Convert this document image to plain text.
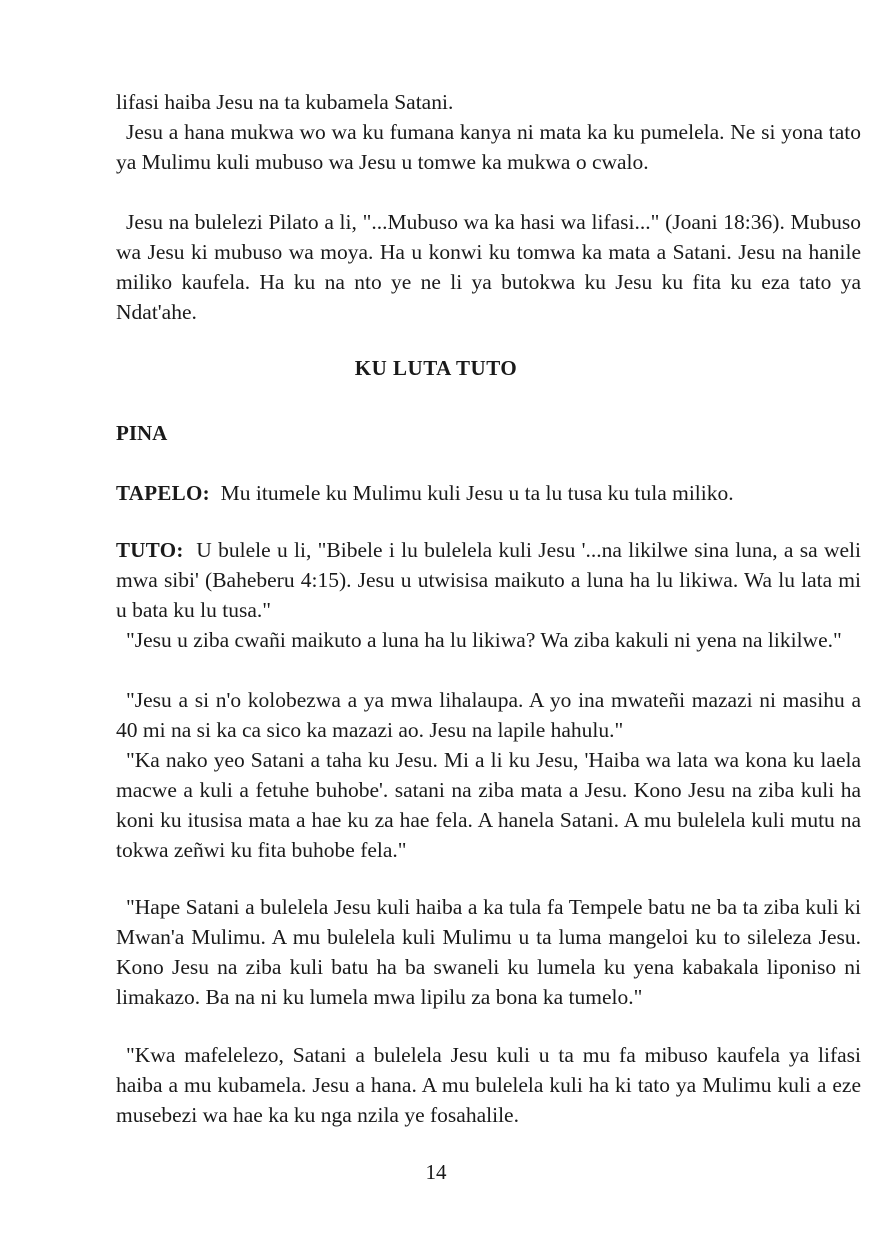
lifasi haiba Jesu na ta kubamela Satani.

Jesu a hana mukwa wo wa ku fumana kanya ni mata ka ku pumelela. Ne si yona tato ya Mulimu kuli mubuso wa Jesu u tomwe ka mukwa o cwalo.

Jesu na bulelezi Pilato a li, "...Mubuso wa ka hasi wa lifasi..." (Joani 18:36). Mubuso wa Jesu ki mubuso wa moya. Ha u konwi ku tomwa ka mata a Satani. Jesu na hanile miliko kaufela. Ha ku na nto ye ne li ya butokwa ku Jesu ku fita ku eza tato ya Ndat'ahe.

KU LUTA TUTO
PINA

TAPELO: Mu itumele ku Mulimu kuli Jesu u ta lu tusa ku tula miliko.

TUTO: U bulele u li, "Bibele i lu bulelela kuli Jesu '...na likilwe sina luna, a sa weli mwa sibi' (Baheberu 4:15). Jesu u utwisisa maikuto a luna ha lu likiwa. Wa lu lata mi u bata ku lu tusa."

"Jesu u ziba cwañi maikuto a luna ha lu likiwa? Wa ziba kakuli ni yena na likilwe."

"Jesu a si n'o kolobezwa a ya mwa lihalaupa. A yo ina mwateñi mazazi ni masihu a 40 mi na si ka ca sico ka mazazi ao. Jesu na lapile hahulu."

"Ka nako yeo Satani a taha ku Jesu. Mi a li ku Jesu, 'Haiba wa lata wa kona ku laela macwe a kuli a fetuhe buhobe'. satani na ziba mata a Jesu. Kono Jesu na ziba kuli ha koni ku itusisa mata a hae ku za hae fela. A hanela Satani. A mu bulelela kuli mutu na tokwa zeñwi ku fita buhobe fela."

"Hape Satani a bulelela Jesu kuli haiba a ka tula fa Tempele batu ne ba ta ziba kuli ki Mwan'a Mulimu. A mu bulelela kuli Mulimu u ta luma mangeloi ku to sileleza Jesu. Kono Jesu na ziba kuli batu ha ba swaneli ku lumela ku yena kabakala liponiso ni limakazo. Ba na ni ku lumela mwa lipilu za bona ka tumelo."

"Kwa mafelelezo, Satani a bulelela Jesu kuli u ta mu fa mibuso kaufela ya lifasi haiba a mu kubamela. Jesu a hana. A mu bulelela kuli ha ki tato ya Mulimu kuli a eze musebezi wa hae ka ku nga nzila ye fosahalile.

14
